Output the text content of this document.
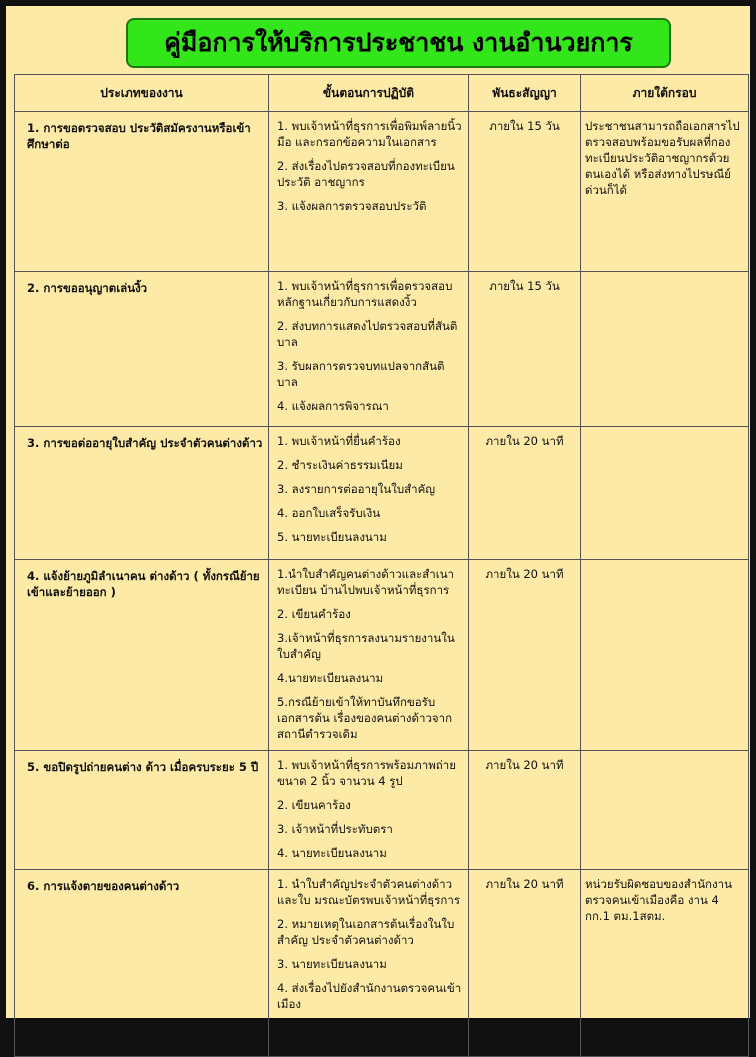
คู่มือการให้บริการประชาชน งานอำนวยการ
ประเภทของงาน	ขั้นตอนการปฏิบัติ	พันธะสัญญา	ภายใต้กรอบ
1. การขอตรวจสอบ ประวัติสมัครงานหรือเข้าศึกษาต่อ	1. พบเจ้าหน้าที่ธุรการเพื่อพิมพ์ลายนิ้วมือ และกรอกข้อความในเอกสาร
2. ส่งเรื่องไปตรวจสอบที่กองทะเบียนประวัติ อาชญากร
3. แจ้งผลการตรวจสอบประวัติ	ภายใน 15 วัน	ประชาชนสามารถถือเอกสารไปตรวจสอบพร้อมขอรับผลที่กองทะเบียนประวัติอาชญากรด้วยตนเองได้ หรือส่งทางไปรษณีย์ด่วนก็ได้
2. การขออนุญาตเล่นงิ้ว	1. พบเจ้าหน้าที่ธุรการเพื่อตรวจสอบหลักฐานเกี่ยวกับการแสดงงิ้ว
2. ส่งบทการแสดงไปตรวจสอบที่สันติบาล
3. รับผลการตรวจบทแปลจากสันติบาล
4. แจ้งผลการพิจารณา	ภายใน 15 วัน	
3. การขอต่ออายุใบสำคัญ ประจำตัวคนต่างด้าว	1. พบเจ้าหน้าที่ยื่นคำร้อง
2. ชำระเงินค่าธรรมเนียม
3. ลงรายการต่ออายุในใบสำคัญ
4. ออกใบเสร็จรับเงิน
5. นายทะเบียนลงนาม	ภายใน 20 นาที	
4. แจ้งย้ายภูมิลำเนาคน ต่างด้าว ( ทั้งกรณีย้าย เข้าและย้ายออก )	1.นำใบสำคัญคนต่างด้าวและสำเนาทะเบียน บ้านไปพบเจ้าหน้าที่ธุรการ
2. เขียนคำร้อง
3.เจ้าหน้าที่ธุรการลงนามรายงานในใบสำคัญ
4.นายทะเบียนลงนาม
5.กรณีย้ายเข้าให้ทาบันทึกขอรับเอกสารต้น เรื่องของคนต่างด้าวจากสถานีตำรวจเดิม	ภายใน 20 นาที	
5. ขอปิดรูปถ่ายคนต่าง ด้าว เมื่อครบระยะ 5 ปี	1. พบเจ้าหน้าที่ธุรการพร้อมภาพถ่ายขนาด 2 นิ้ว จานวน 4 รูป
2. เขียนคาร้อง
3. เจ้าหน้าที่ประทับตรา
4. นายทะเบียนลงนาม	ภายใน 20 นาที	
6. การแจ้งตายของคนต่างด้าว	1. นำใบสำคัญประจำตัวคนต่างด้าวและใบ มรณะบัตรพบเจ้าหน้าที่ธุรการ
2. หมายเหตุในเอกสารต้นเรื่องในใบสำคัญ ประจำตัวคนต่างด้าว
3. นายทะเบียนลงนาม
4. ส่งเรื่องไปยังสำนักงานตรวจคนเข้าเมือง	ภายใน 20 นาที	หน่วยรับผิดชอบของสำนักงานตรวจคนเข้าเมืองคือ งาน 4 กก.1 ตม.1สตม.
